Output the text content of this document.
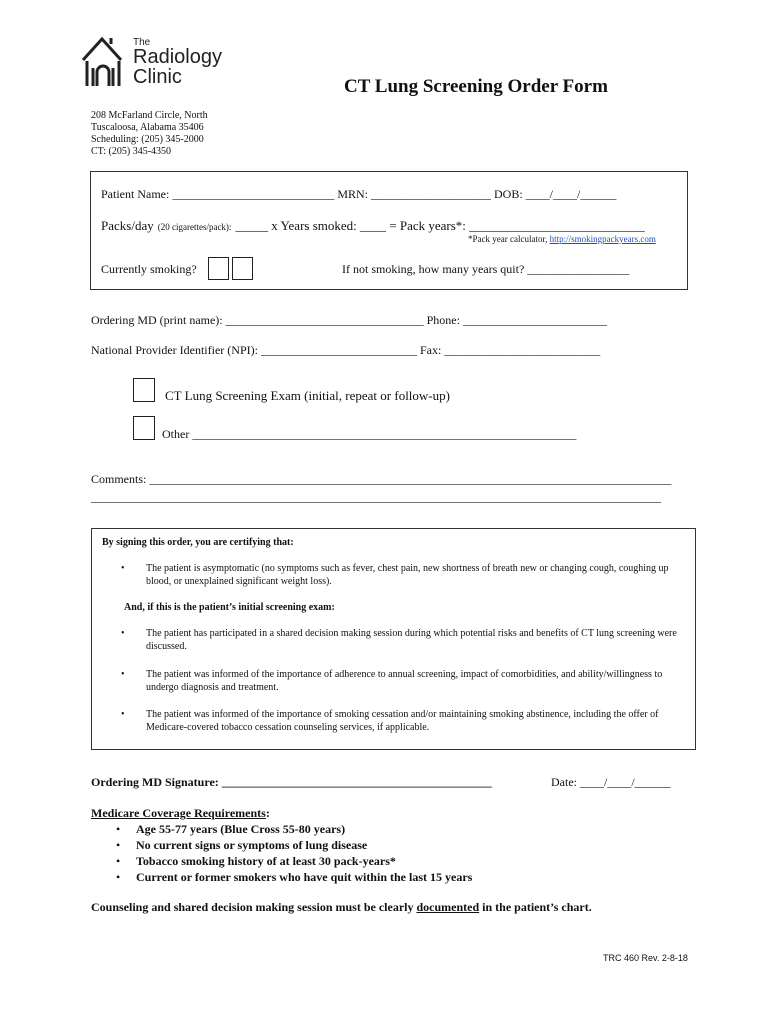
The
Radiology
Clinic	CT Lung Screening Order Form
208 McFarland Circle, North
Tuscaloosa, Alabama 35406
Scheduling: (205) 345-2000
CT: (205) 345-4350
Patient Name: ___________________________ MRN: ____________________ DOB: ____/____/______
Packs/day (20 cigarettes/pack): _____ x Years smoked: ____ = Pack years*: ___________________________
*Pack year calculator, http://smokingpackyears.com
Currently smoking?	If not smoking, how many years quit? _________________
Ordering MD (print name): _________________________________ Phone: ________________________
National Provider Identifier (NPI): __________________________ Fax: __________________________
CT Lung Screening Exam (initial, repeat or follow-up)
Other ________________________________________________________________
Comments: _______________________________________________________________________________________
_______________________________________________________________________________________________
By signing this order, you are certifying that:
• The patient is asymptomatic (no symptoms such as fever, chest pain, new shortness of breath new or changing cough, coughing up blood, or unexplained significant weight loss).
And, if this is the patient’s initial screening exam:
• The patient has participated in a shared decision making session during which potential risks and benefits of CT lung screening were discussed.
• The patient was informed of the importance of adherence to annual screening, impact of comorbidities, and ability/willingness to undergo diagnosis and treatment.
• The patient was informed of the importance of smoking cessation and/or maintaining smoking abstinence, including the offer of Medicare-covered tobacco cessation counseling services, if applicable.
Ordering MD Signature: _____________________________________________	Date: ____/____/______
Medicare Coverage Requirements:
• Age 55-77 years (Blue Cross 55-80 years)
• No current signs or symptoms of lung disease
• Tobacco smoking history of at least 30 pack-years*
• Current or former smokers who have quit within the last 15 years
Counseling and shared decision making session must be clearly documented in the patient’s chart.
TRC 460 Rev. 2-8-18
